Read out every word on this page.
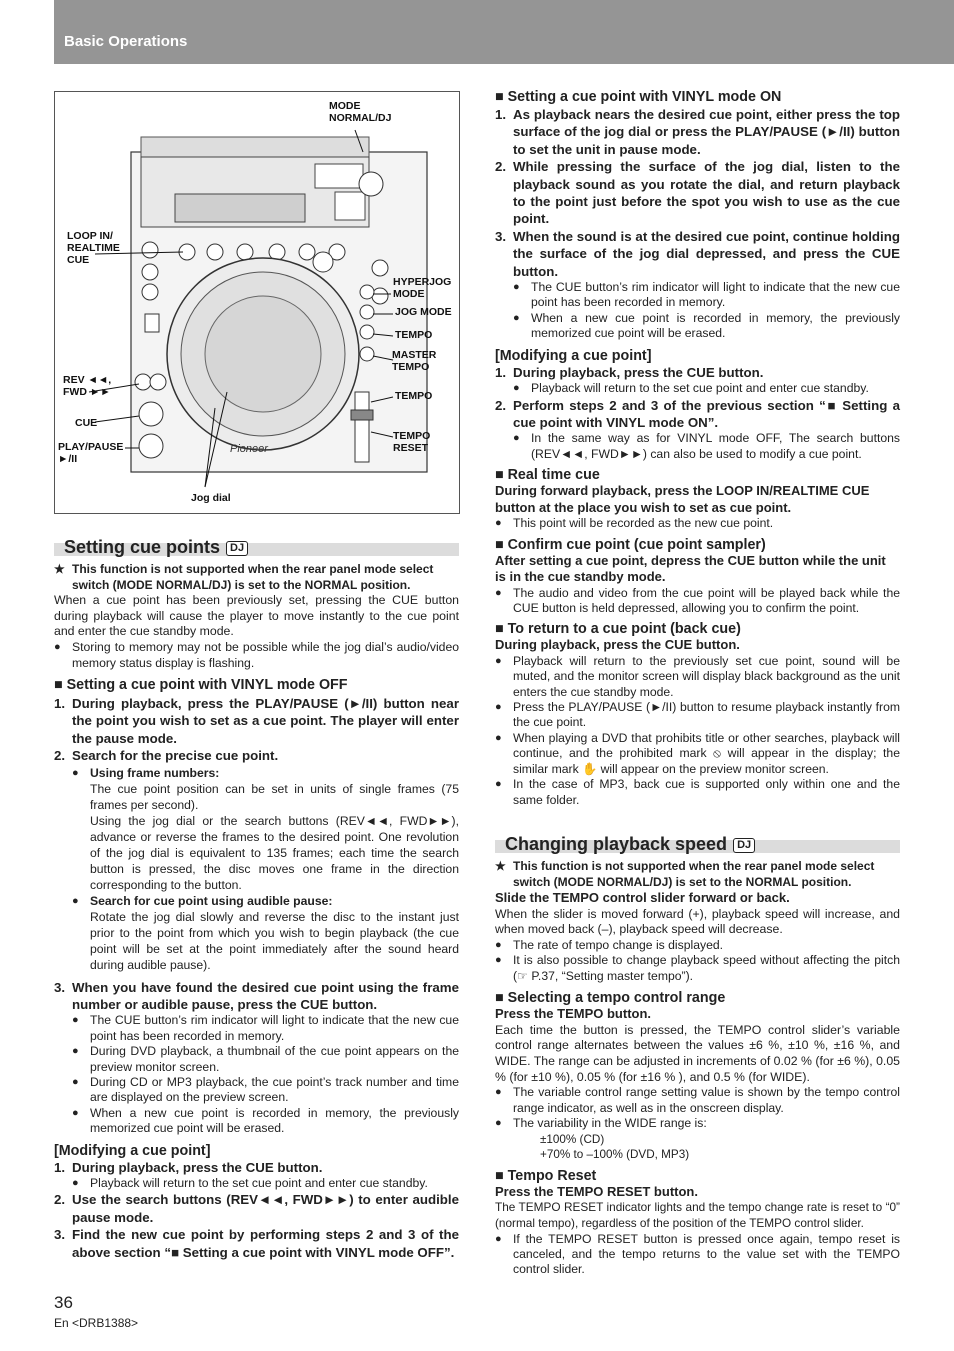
Basic Operations
Pioneer
MODE
NORMAL/DJ
LOOP IN/
REALTIME
CUE
HYPERJOG
MODE
JOG MODE
TEMPO
MASTER
TEMPO
REV ◄◄,
FWD ►►	TEMPO
CUE
PLAY/PAUSE
►/II
TEMPO
RESET
Jog dial
Setting cue points DJ

★ This function is not supported when the rear panel mode select switch (MODE NORMAL/DJ) is set to the NORMAL position.

When a cue point has been previously set, pressing the CUE button during playback will cause the player to move instantly to the cue point and enter the cue standby mode.

● Storing to memory may not be possible while the jog dial’s audio/video memory status display is flashing.

■ Setting a cue point with VINYL mode OFF

1. During playback, press the PLAY/PAUSE (►/II) button near the point you wish to set as a cue point. The player will enter the pause mode.
2. Search for the precise cue point.

● Using frame numbers:

The cue point position can be set in units of single frames (75 frames per second).

Using the jog dial or the search buttons (REV◄◄, FWD►►), advance or reverse the frames to the desired point. One revolution of the jog dial is equivalent to 135 frames; each time the search button is pressed, the disc moves one frame in the direction corresponding to the button.

● Search for cue point using audible pause:

Rotate the jog dial slowly and reverse the disc to the instant just prior to the point from which you wish to begin playback (the cue point will be set at the point immediately after the sound heard during audible pause).

3. When you have found the desired cue point using the frame number or audible pause, press the CUE button.

● The CUE button’s rim indicator will light to indicate that the new cue point has been recorded in memory.

● During DVD playback, a thumbnail of the cue point appears on the preview monitor screen.

● During CD or MP3 playback, the cue point’s track number and time are displayed on the preview screen.

● When a new cue point is recorded in memory, the previously memorized cue point will be erased.

[Modifying a cue point]

1. During playback, press the CUE button.

● Playback will return to the set cue point and enter cue standby.

2. Use the search buttons (REV◄◄, FWD►►) to enter audible pause mode.
3. Find the new cue point by performing steps 2 and 3 of the above section “■ Setting a cue point with VINYL mode OFF”.

■ Setting a cue point with VINYL mode ON

1. As playback nears the desired cue point, either press the top surface of the jog dial or press the PLAY/PAUSE (►/II) button to set the unit in pause mode.
2. While pressing the surface of the jog dial, listen to the playback sound as you rotate the dial, and return playback to the point just before the spot you wish to use as the cue point.
3. When the sound is at the desired cue point, continue holding the surface of the jog dial depressed, and press the CUE button.

● The CUE button’s rim indicator will light to indicate that the new cue point has been recorded in memory.

● When a new cue point is recorded in memory, the previously memorized cue point will be erased.

[Modifying a cue point]

1. During playback, press the CUE button.

● Playback will return to the set cue point and enter cue standby.

2. Perform steps 2 and 3 of the previous section “■ Setting a cue point with VINYL mode ON”.

● In the same way as for VINYL mode OFF, The search buttons (REV◄◄, FWD►►) can also be used to modify a cue point.

■ Real time cue

During forward playback, press the LOOP IN/REALTIME CUE button at the place you wish to set as cue point.

● This point will be recorded as the new cue point.

■ Confirm cue point (cue point sampler)

After setting a cue point, depress the CUE button while the unit is in the cue standby mode.

● The audio and video from the cue point will be played back while the CUE button is held depressed, allowing you to confirm the point.

■ To return to a cue point (back cue)

During playback, press the CUE button.

● Playback will return to the previously set cue point, sound will be muted, and the monitor screen will display black background as the unit enters the cue standby mode.

● Press the PLAY/PAUSE (►/II) button to resume playback instantly from the cue point.

● When playing a DVD that prohibits title or other searches, playback will continue, and the prohibited mark ⦸ will appear in the display; the similar mark ✋ will appear on the preview monitor screen.

● In the case of MP3, back cue is supported only within one and the same folder.

Changing playback speed DJ

★ This function is not supported when the rear panel mode select switch (MODE NORMAL/DJ) is set to the NORMAL position.

Slide the TEMPO control slider forward or back.

When the slider is moved forward (+), playback speed will increase, and when moved back (–), playback speed will decrease.

● The rate of tempo change is displayed.

● It is also possible to change playback speed without affecting the pitch (☞ P.37, “Setting master tempo”).

■ Selecting a tempo control range

Press the TEMPO button.

Each time the button is pressed, the TEMPO control slider’s variable control range alternates between the values ±6 %, ±10 %, ±16 %, and WIDE. The range can be adjusted in increments of 0.02 % (for ±6 %), 0.05 % (for ±10 %), 0.05 % (for ±16 % ), and 0.5 % (for WIDE).

● The variable control range setting value is shown by the tempo control range indicator, as well as in the onscreen display.

● The variability in the WIDE range is:

±100% (CD)

+70% to –100% (DVD, MP3)

■ Tempo Reset

Press the TEMPO RESET button.

The TEMPO RESET indicator lights and the tempo change rate is reset to “0” (normal tempo), regardless of the position of the TEMPO control slider.

● If the TEMPO RESET button is pressed once again, tempo reset is canceled, and the tempo returns to the value set with the TEMPO control slider.

36
En <DRB1388>
